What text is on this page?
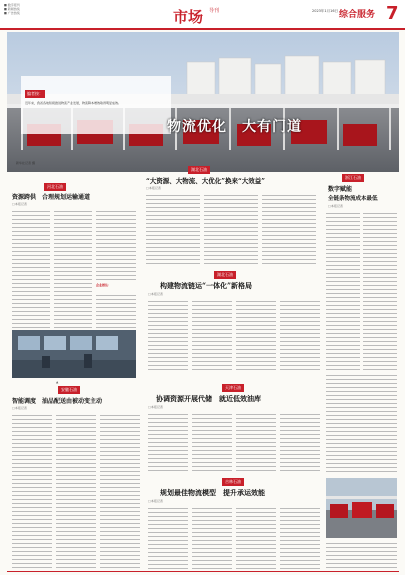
■ 数字报刊
■ 新闻热线
■ 广告热线	市场 导刊	2023年1月16日 综合服务 7
编者按：
近年来，我省各地积极推进物流产业发展，物流降本增效取得明显成效。
物流优化　大有门道
新华社记者 摄
河北石油
资源跨供　合理规划运输通道
□本报记者
企业做法：
湖北石油
“大资源、大物流、大优化”换来“大效益”
□本报记者
浙江石油
数字赋能
全链条物流成本最低
□本报记者
湖北石油
构建物流链运“一体化”新格局
□本报记者
▲
安徽石油
智能调度　油品配送由被动变主动
□本报记者
天津石油
协调资源开展代储　就近低效油库
□本报记者
吉林石油
规划最佳物流模型　提升承运效能
□本报记者
